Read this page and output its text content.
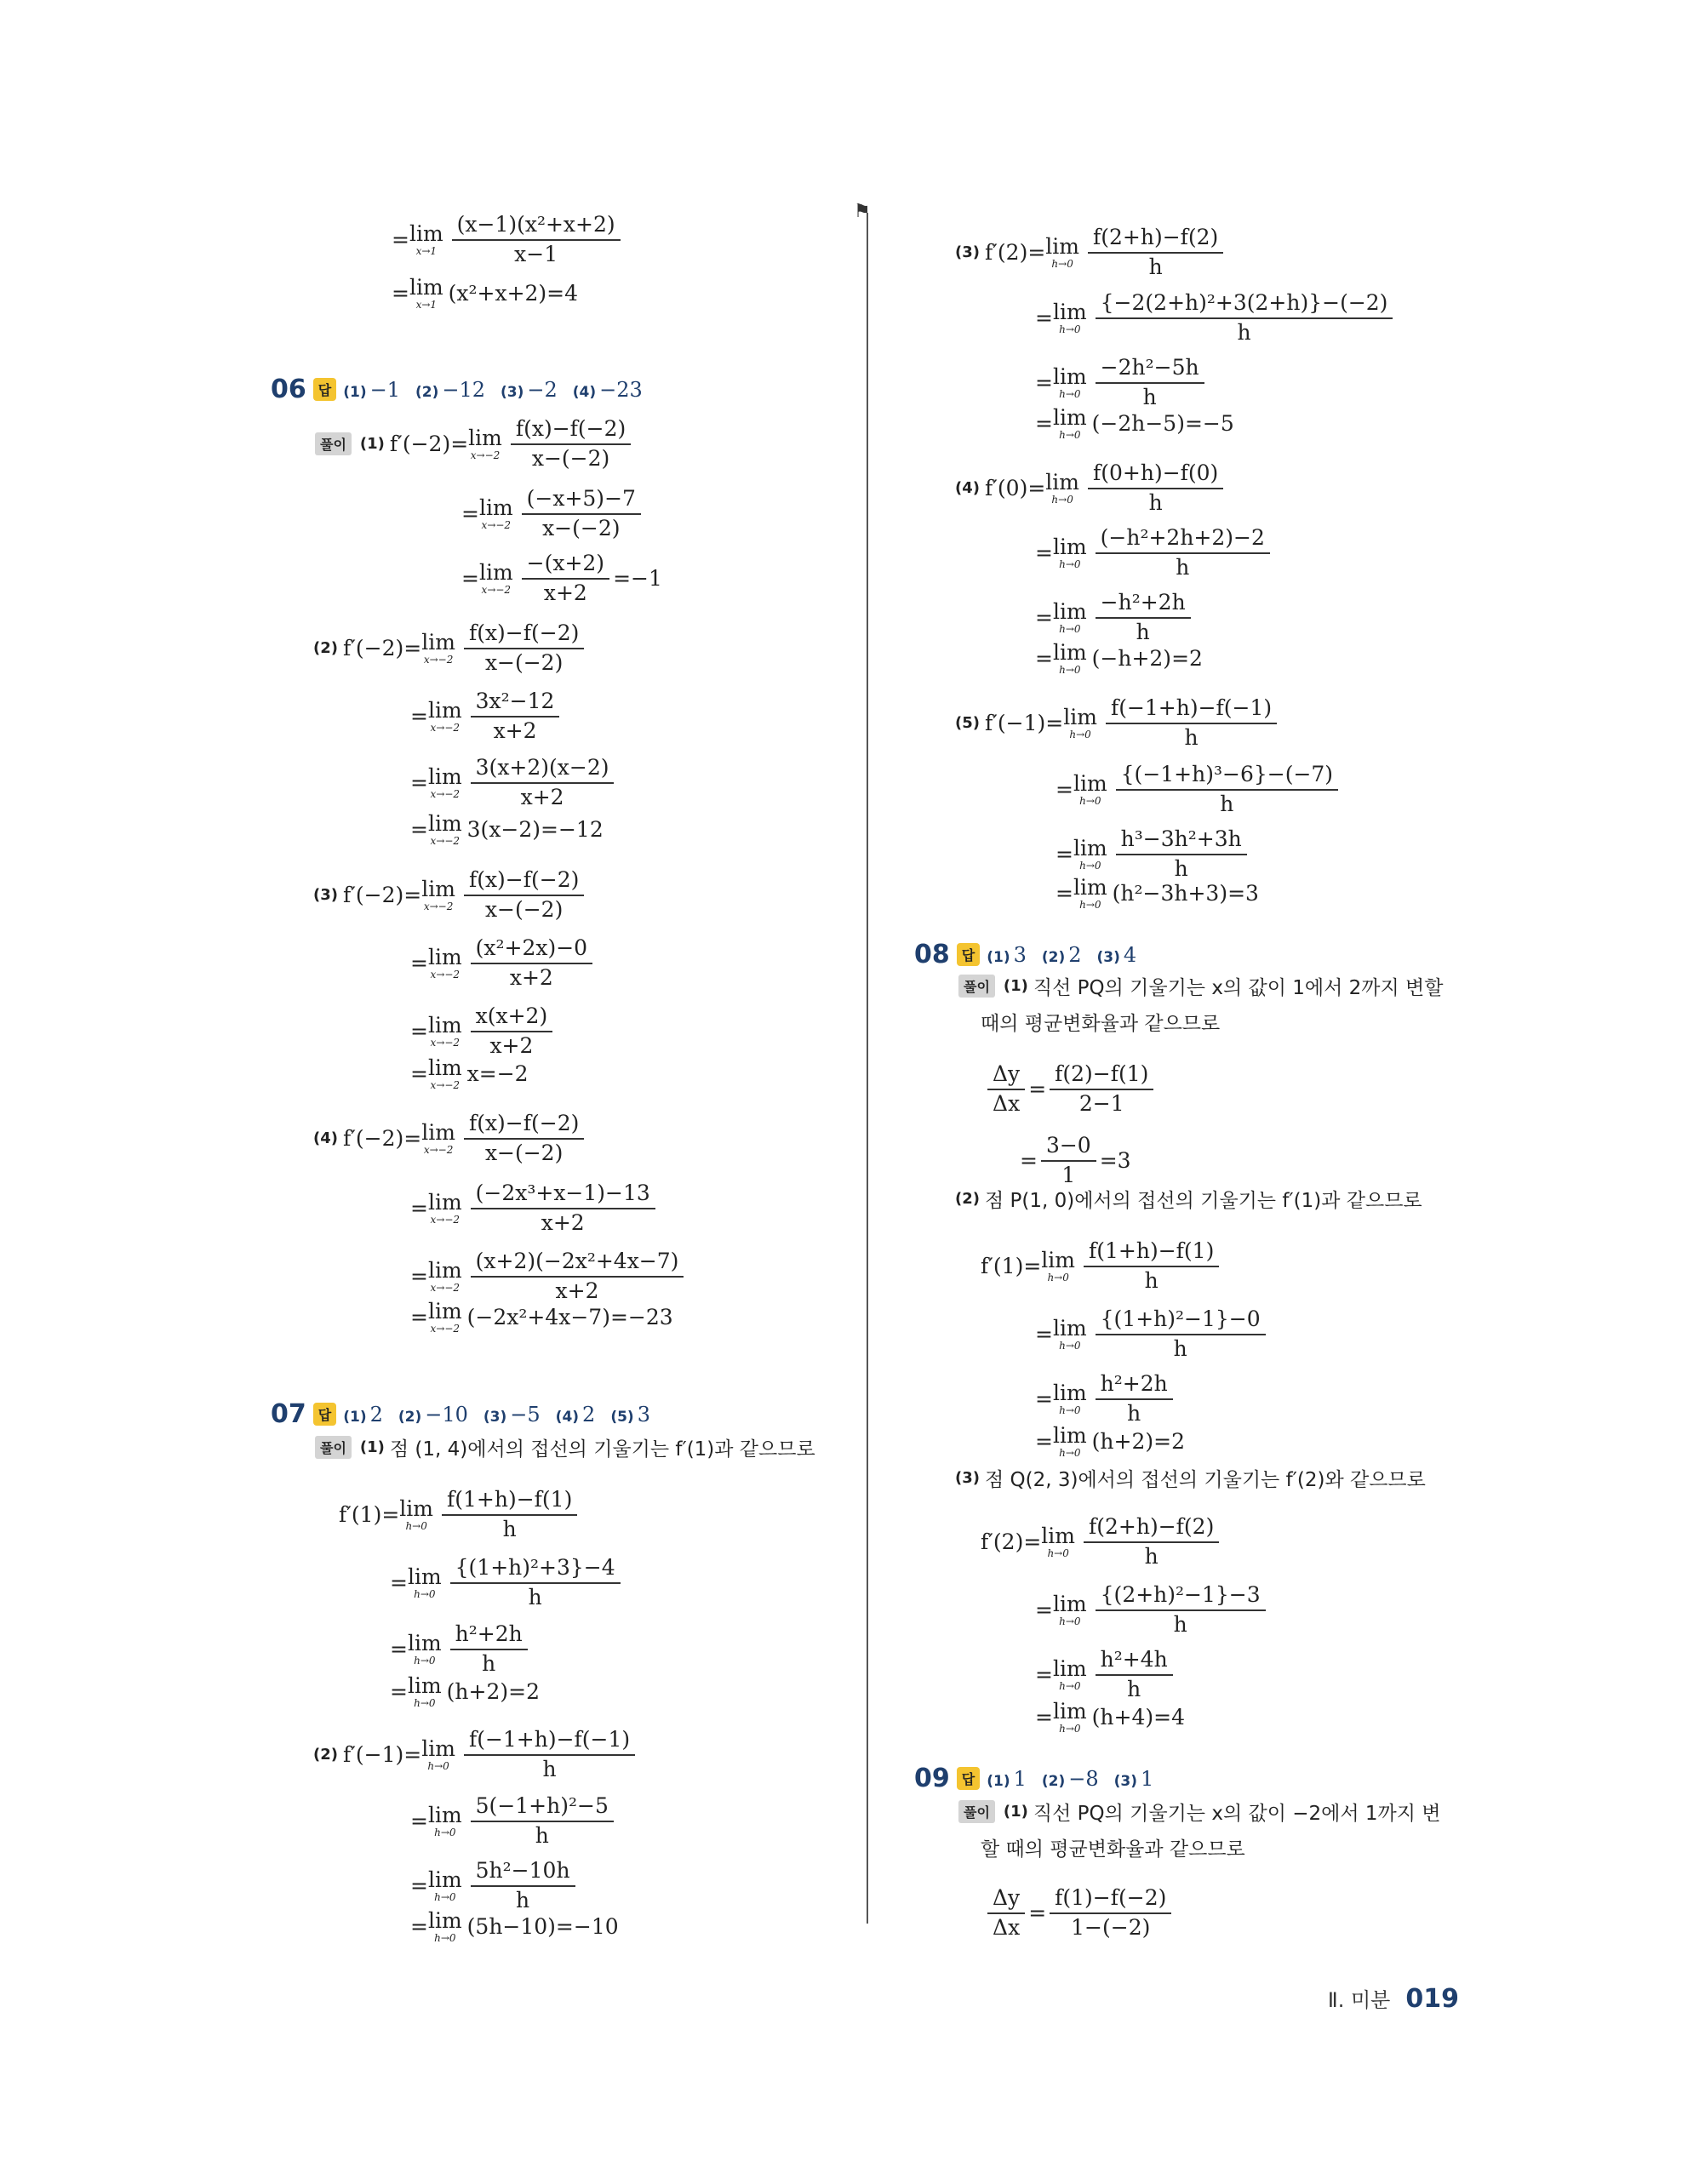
= lim
$x\to 1 \frac{\text{(x−1)(x²+x+2)}}{x-1}$
= lim
x→1 (x²+x+2)=4
06 답 (1) −1 (2) −12 (3) −2 (4) −23
풀이 (1) f′(−2)= lim
$x\to-2 \frac{f(x)-f(-2)}{x-(-2)}$
= lim
$x\to-2 \frac{(-x+5)-7}{x-(-2)}$
= lim
$x\to-2 \frac{-(x+2)}{x+2} =-1$
(2) f′(−2)= lim
$x\to-2 \frac{f(x)-f(-2)}{x-(-2)}$
= lim
$x\to-2 \frac{\text{3x²−12}}{x+2}$
= lim
$x\to-2 \frac{3(x+2)(x-2)}{x+2}$
= lim
x→−2 3(x−2)=−12
(3) f′(−2)= lim
$x\to-2 \frac{f(x)-f(-2)}{x-(-2)}$
= lim
$x\to-2 \frac{\text{(x²+2x)−0}}{x+2}$
= lim
$x\to-2 \frac{x(x+2)}{x+2}$
= lim
x→−2 x=−2
(4) f′(−2)= lim
$x\to-2 \frac{f(x)-f(-2)}{x-(-2)}$
= lim
$x\to-2 \frac{\text{(−2x³+x−1)−13}}{x+2}$
= lim
$x\to-2 \frac{\text{(x+2)(−2x²+4x−7)}}{x+2}$
= lim
x→−2 (−2x²+4x−7)=−23
07 답 (1) 2 (2) −10 (3) −5 (4) 2 (5) 3
풀이 (1) 점 (1, 4)에서의 접선의 기울기는 f′(1)과 같으므로
f′(1)= lim
$h\to 0 \frac{f(1+h)-f(1)}{h}$
= lim
$h\to 0 \frac{\text{\{(1+h)²+3\}−4}}{h}$
= lim
$h\to 0 \frac{\text{h²+2h}}{h}$
= lim
h→0 (h+2)=2
(2) f′(−1)= lim
$h\to 0 \frac{f(-1+h)-f(-1)}{h}$
= lim
$h\to 0 \frac{\text{5(−1+h)²−5}}{h}$
= lim
$h\to 0 \frac{\text{5h²−10h}}{h}$
= lim
h→0 (5h−10)=−10
(3) f′(2)= lim
$h\to 0 \frac{f(2+h)-f(2)}{h}$
= lim
$h\to 0 \frac{\text{\{−2(2+h)²+3(2+h)\}−(−2)}}{h}$
= lim
$h\to 0 \frac{\text{−2h²−5h}}{h}$
= lim
h→0 (−2h−5)=−5
(4) f′(0)= lim
$h\to 0 \frac{f(0+h)-f(0)}{h}$
= lim
$h\to 0 \frac{\text{(−h²+2h+2)−2}}{h}$
= lim
$h\to 0 \frac{\text{−h²+2h}}{h}$
= lim
h→0 (−h+2)=2
(5) f′(−1)= lim
$h\to 0 \frac{f(-1+h)-f(-1)}{h}$
= lim
$h\to 0 \frac{\text{\{(−1+h)³−6\}−(−7)}}{h}$
= lim
$h\to 0 \frac{\text{h³−3h²+3h}}{h}$
= lim
h→0 (h²−3h+3)=3
08 답 (1) 3 (2) 2 (3) 4
풀이 (1) 직선 PQ의 기울기는 x의 값이 1에서 2까지 변할
때의 평균변화율과 같으므로
$\frac{\Delta y}{\Delta x} = \frac{f(2)-f(1)}{2-1}$
= $\frac{3-0}{1} =3$
(2) 점 P(1, 0)에서의 접선의 기울기는 f′(1)과 같으므로
f′(1)= lim
$h\to 0 \frac{f(1+h)-f(1)}{h}$
= lim
$h\to 0 \frac{\text{\{(1+h)²−1\}−0}}{h}$
= lim
$h\to 0 \frac{\text{h²+2h}}{h}$
= lim
h→0 (h+2)=2
(3) 점 Q(2, 3)에서의 접선의 기울기는 f′(2)와 같으므로
f′(2)= lim
$h\to 0 \frac{f(2+h)-f(2)}{h}$
= lim
$h\to 0 \frac{\text{\{(2+h)²−1\}−3}}{h}$
= lim
$h\to 0 \frac{\text{h²+4h}}{h}$
= lim
h→0 (h+4)=4
09 답 (1) 1 (2) −8 (3) 1
풀이 (1) 직선 PQ의 기울기는 x의 값이 −2에서 1까지 변
할 때의 평균변화율과 같으므로
$\frac{\Delta y}{\Delta x} = \frac{f(1)-f(-2)}{1-(-2)}$
⚑
Ⅱ. 미분 019
